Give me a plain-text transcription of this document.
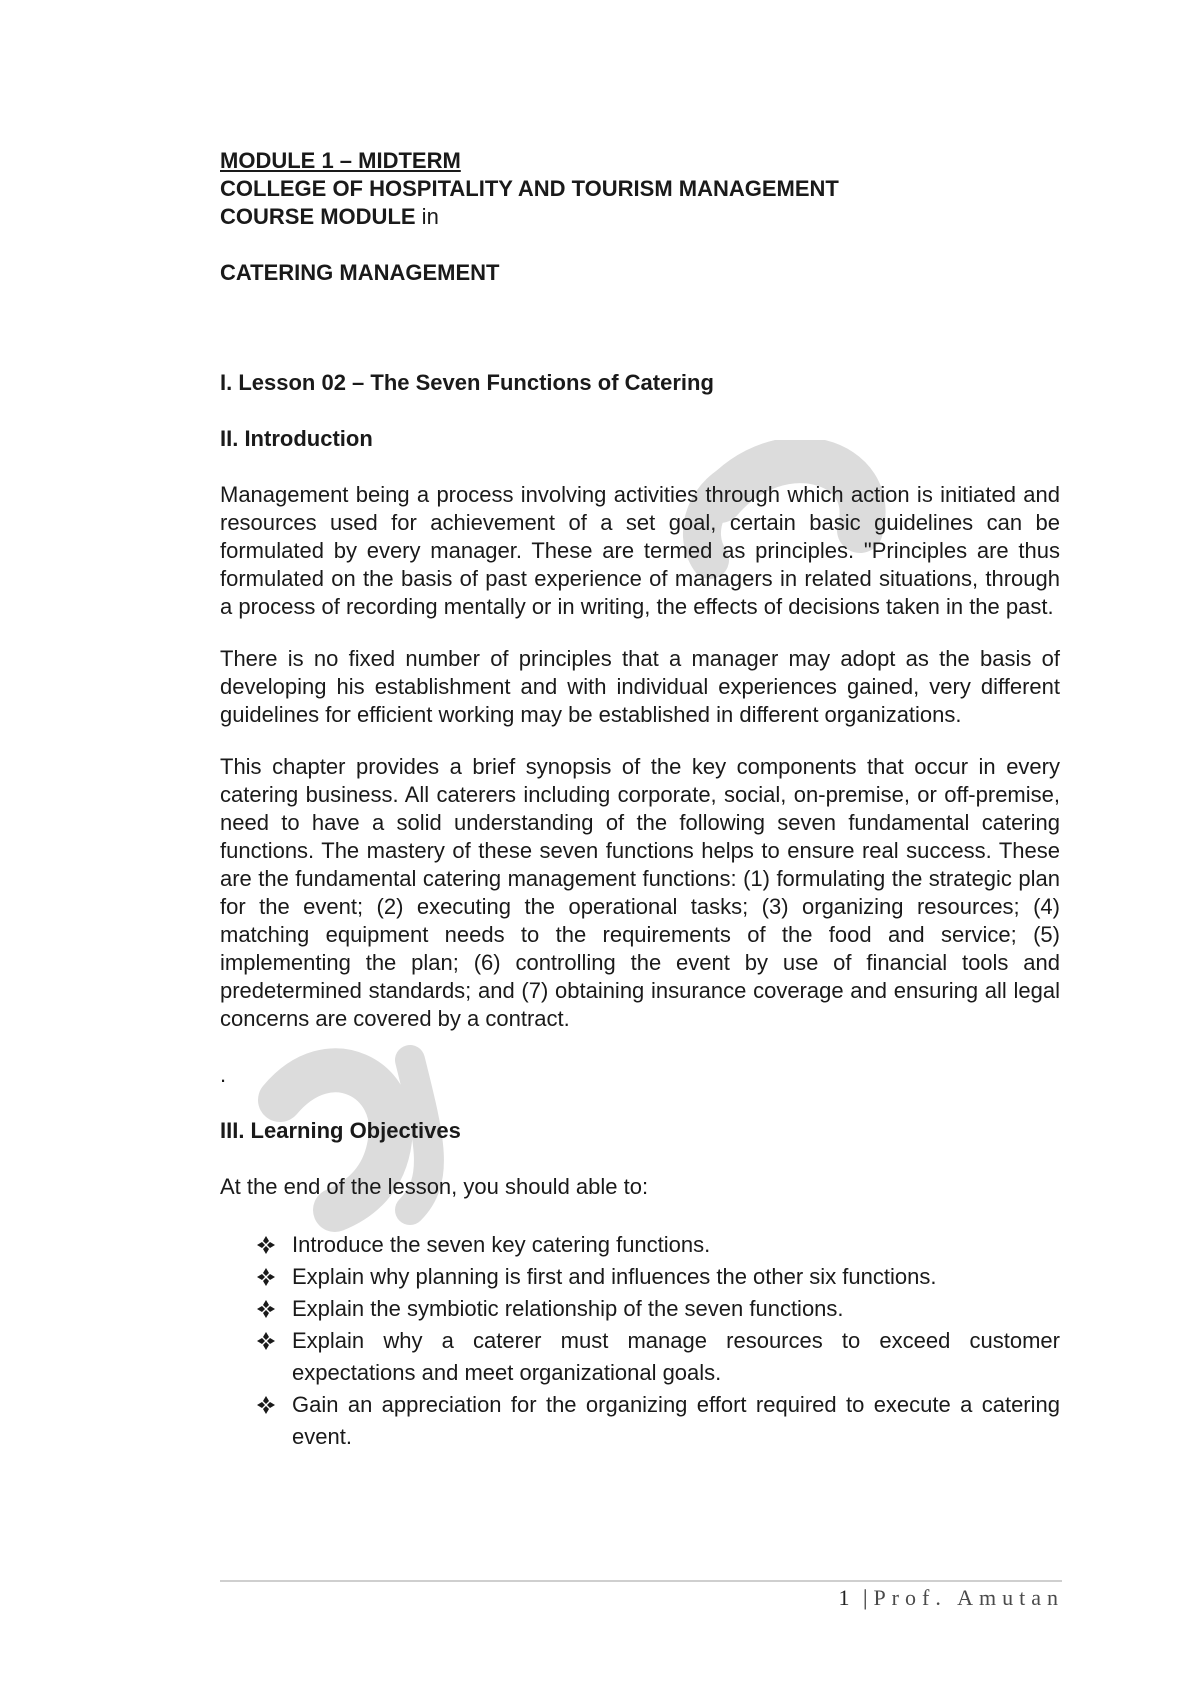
MODULE 1 – MIDTERM
COLLEGE OF HOSPITALITY AND TOURISM MANAGEMENT
COURSE MODULE in
CATERING MANAGEMENT
I. Lesson 02 – The Seven Functions of Catering
II. Introduction

Management being a process involving activities through which action is initiated and resources used for achievement of a set goal, certain basic guidelines can be formulated by every manager. These are termed as principles. "Principles are thus formulated on the basis of past experience of managers in related situations, through a process of recording mentally or in writing, the effects of decisions taken in the past.

There is no fixed number of principles that a manager may adopt as the basis of developing his establishment and with individual experiences gained, very different guidelines for efficient working may be established in different organizations.

This chapter provides a brief synopsis of the key components that occur in every catering business. All caterers including corporate, social, on-premise, or off-premise, need to have a solid understanding of the following seven fundamental catering functions. The mastery of these seven functions helps to ensure real success. These are the fundamental catering management functions: (1) formulating the strategic plan for the event; (2) executing the operational tasks; (3) organizing resources; (4) matching equipment needs to the requirements of the food and service; (5) implementing the plan; (6) controlling the event by use of financial tools and predetermined standards; and (7) obtaining insurance coverage and ensuring all legal concerns are covered by a contract.

.

III. Learning Objectives

At the end of the lesson, you should able to:

Introduce the seven key catering functions.
Explain why planning is first and influences the other six functions.
Explain the symbiotic relationship of the seven functions.
Explain why a caterer must manage resources to exceed customer expectations and meet organizational goals.
Gain an appreciation for the organizing effort required to execute a catering event.
1 | Prof. Amutan
